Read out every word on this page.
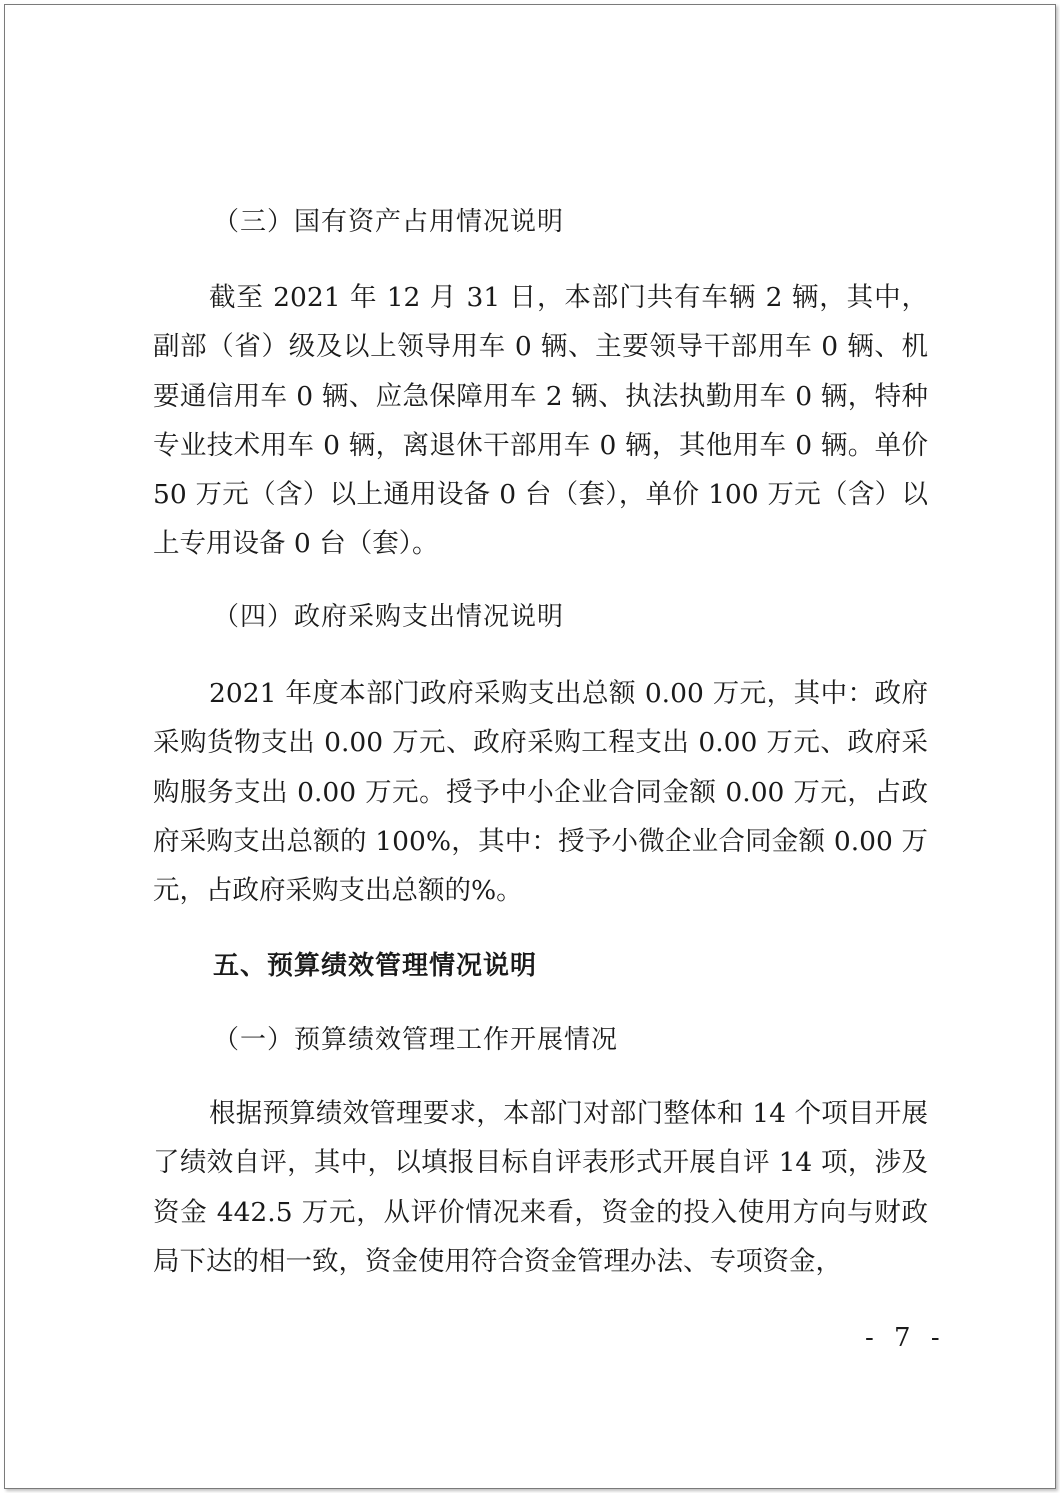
（三）国有资产占用情况说明
截至 2021 年 12 月 31 日，本部门共有车辆 2 辆，其中，副部（省）级及以上领导用车 0 辆、主要领导干部用车 0 辆、机要通信用车 0 辆、应急保障用车 2 辆、执法执勤用车 0 辆，特种专业技术用车 0 辆，离退休干部用车 0 辆，其他用车 0 辆。单价 50 万元（含）以上通用设备 0 台（套），单价 100 万元（含）以上专用设备 0 台（套）。
（四）政府采购支出情况说明
2021 年度本部门政府采购支出总额 0.00 万元，其中：政府采购货物支出 0.00 万元、政府采购工程支出 0.00 万元、政府采购服务支出 0.00 万元。授予中小企业合同金额 0.00 万元，占政府采购支出总额的 100%，其中：授予小微企业合同金额 0.00 万元，占政府采购支出总额的%。
五、预算绩效管理情况说明
（一）预算绩效管理工作开展情况
根据预算绩效管理要求，本部门对部门整体和 14 个项目开展了绩效自评，其中，以填报目标自评表形式开展自评 14 项，涉及资金 442.5 万元，从评价情况来看，资金的投入使用方向与财政局下达的相一致，资金使用符合资金管理办法、专项资金，
- 7 -
